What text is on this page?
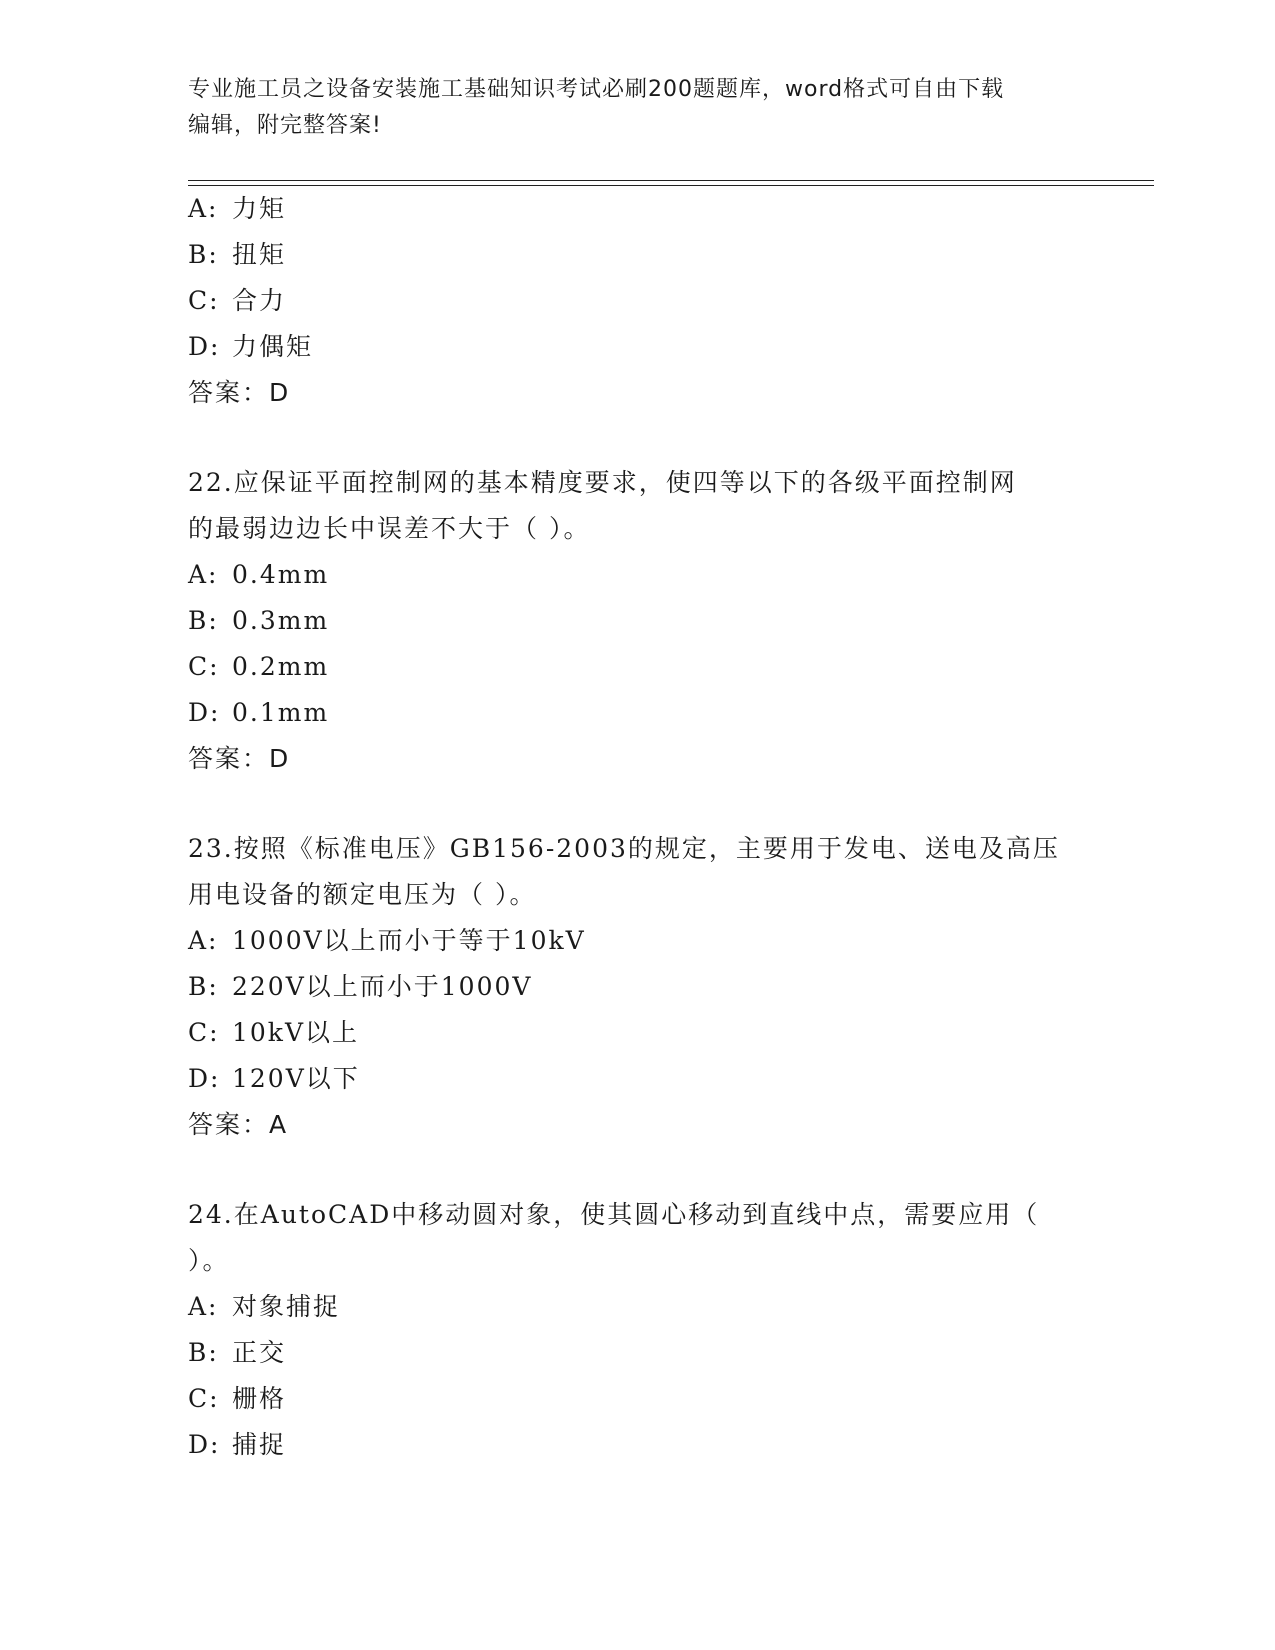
专业施工员之设备安装施工基础知识考试必刷200题题库，word格式可自由下载
编辑，附完整答案!
A: 力矩
B: 扭矩
C: 合力
D: 力偶矩
答案：D
22.应保证平面控制网的基本精度要求，使四等以下的各级平面控制网
的最弱边边长中误差不大于（ ）。
A: 0.4mm
B: 0.3mm
C: 0.2mm
D: 0.1mm
答案：D
23.按照《标准电压》GB156-2003的规定，主要用于发电、送电及高压
用电设备的额定电压为（ ）。
A: 1000V以上而小于等于10kV
B: 220V以上而小于1000V
C: 10kV以上
D: 120V以下
答案：A
24.在AutoCAD中移动圆对象，使其圆心移动到直线中点，需要应用（
）。
A: 对象捕捉
B: 正交
C: 栅格
D: 捕捉
